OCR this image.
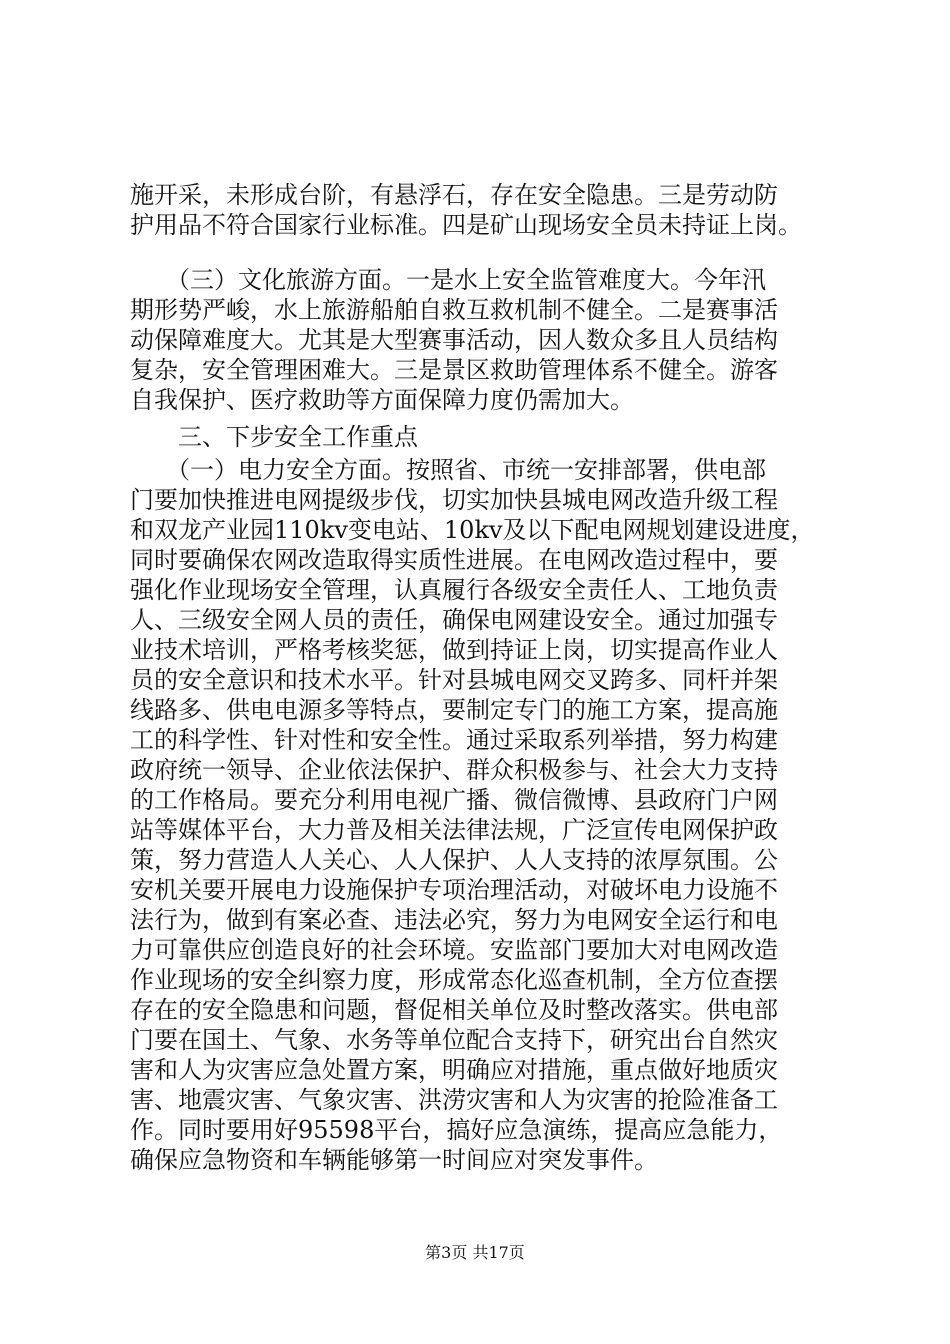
施开采，未形成台阶，有悬浮石，存在安全隐患。三是劳动防
护用品不符合国家行业标准。四是矿山现场安全员未持证上岗。
　　（三）文化旅游方面。一是水上安全监管难度大。今年汛
期形势严峻，水上旅游船舶自救互救机制不健全。二是赛事活
动保障难度大。尤其是大型赛事活动，因人数众多且人员结构
复杂，安全管理困难大。三是景区救助管理体系不健全。游客
自我保护、医疗救助等方面保障力度仍需加大。
　　三、下步安全工作重点
　　（一）电力安全方面。按照省、市统一安排部署，供电部
门要加快推进电网提级步伐，切实加快县城电网改造升级工程
和双龙产业园110kv变电站、10kv及以下配电网规划建设进度，
同时要确保农网改造取得实质性进展。在电网改造过程中，要
强化作业现场安全管理，认真履行各级安全责任人、工地负责
人、三级安全网人员的责任，确保电网建设安全。通过加强专
业技术培训，严格考核奖惩，做到持证上岗，切实提高作业人
员的安全意识和技术水平。针对县城电网交叉跨多、同杆并架
线路多、供电电源多等特点，要制定专门的施工方案，提高施
工的科学性、针对性和安全性。通过采取系列举措，努力构建
政府统一领导、企业依法保护、群众积极参与、社会大力支持
的工作格局。要充分利用电视广播、微信微博、县政府门户网
站等媒体平台，大力普及相关法律法规，广泛宣传电网保护政
策，努力营造人人关心、人人保护、人人支持的浓厚氛围。公
安机关要开展电力设施保护专项治理活动，对破坏电力设施不
法行为，做到有案必查、违法必究，努力为电网安全运行和电
力可靠供应创造良好的社会环境。安监部门要加大对电网改造
作业现场的安全纠察力度，形成常态化巡查机制，全方位查摆
存在的安全隐患和问题，督促相关单位及时整改落实。供电部
门要在国土、气象、水务等单位配合支持下，研究出台自然灾
害和人为灾害应急处置方案，明确应对措施，重点做好地质灾
害、地震灾害、气象灾害、洪涝灾害和人为灾害的抢险准备工
作。同时要用好95598平台，搞好应急演练，提高应急能力，
确保应急物资和车辆能够第一时间应对突发事件。
第3页 共17页
